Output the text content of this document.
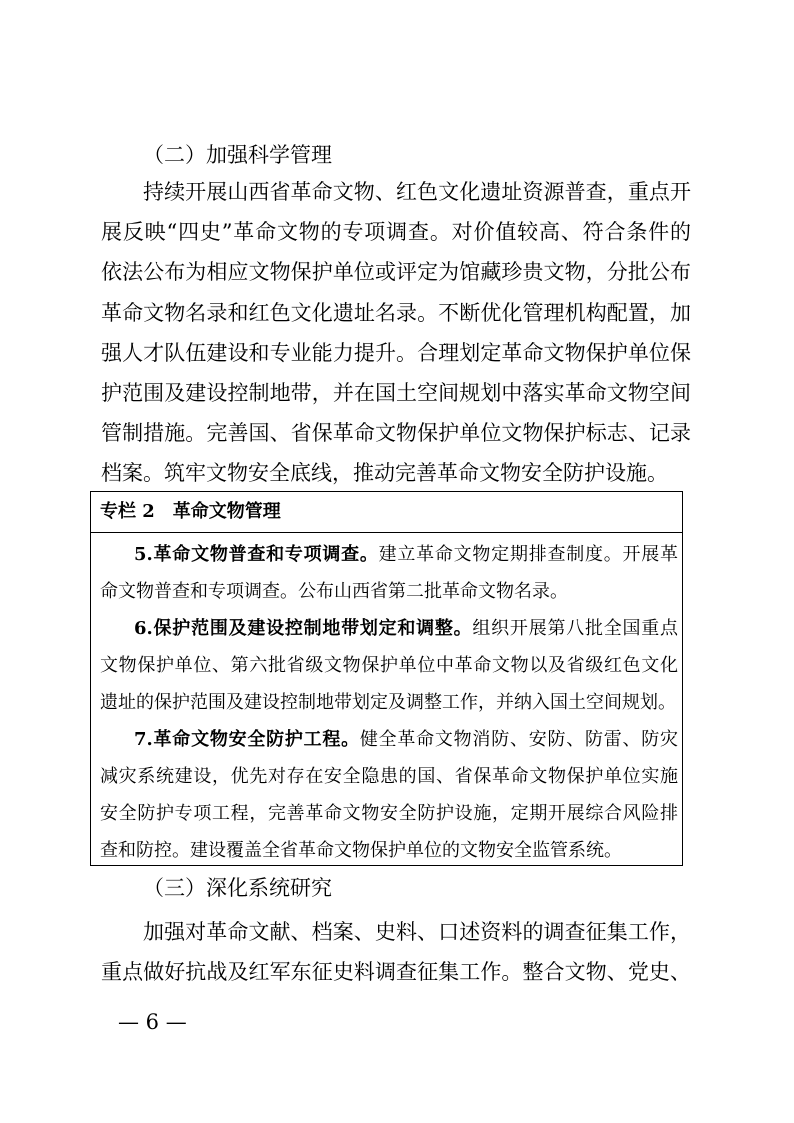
（二）加强科学管理
持续开展山西省革命文物、红色文化遗址资源普查，重点开
展反映“四史”革命文物的专项调查。对价值较高、符合条件的
依法公布为相应文物保护单位或评定为馆藏珍贵文物，分批公布
革命文物名录和红色文化遗址名录。不断优化管理机构配置，加
强人才队伍建设和专业能力提升。合理划定革命文物保护单位保
护范围及建设控制地带，并在国土空间规划中落实革命文物空间
管制措施。完善国、省保革命文物保护单位文物保护标志、记录
档案。筑牢文物安全底线，推动完善革命文物安全防护设施。
专栏 2　革命文物管理
5.革命文物普查和专项调查。建立革命文物定期排查制度。开展革
命文物普查和专项调查。公布山西省第二批革命文物名录。
6.保护范围及建设控制地带划定和调整。组织开展第八批全国重点
文物保护单位、第六批省级文物保护单位中革命文物以及省级红色文化
遗址的保护范围及建设控制地带划定及调整工作，并纳入国土空间规划。
7.革命文物安全防护工程。健全革命文物消防、安防、防雷、防灾
减灾系统建设，优先对存在安全隐患的国、省保革命文物保护单位实施
安全防护专项工程，完善革命文物安全防护设施，定期开展综合风险排
查和防控。建设覆盖全省革命文物保护单位的文物安全监管系统。
（三）深化系统研究
加强对革命文献、档案、史料、口述资料的调查征集工作，
重点做好抗战及红军东征史料调查征集工作。整合文物、党史、
— 6 —
